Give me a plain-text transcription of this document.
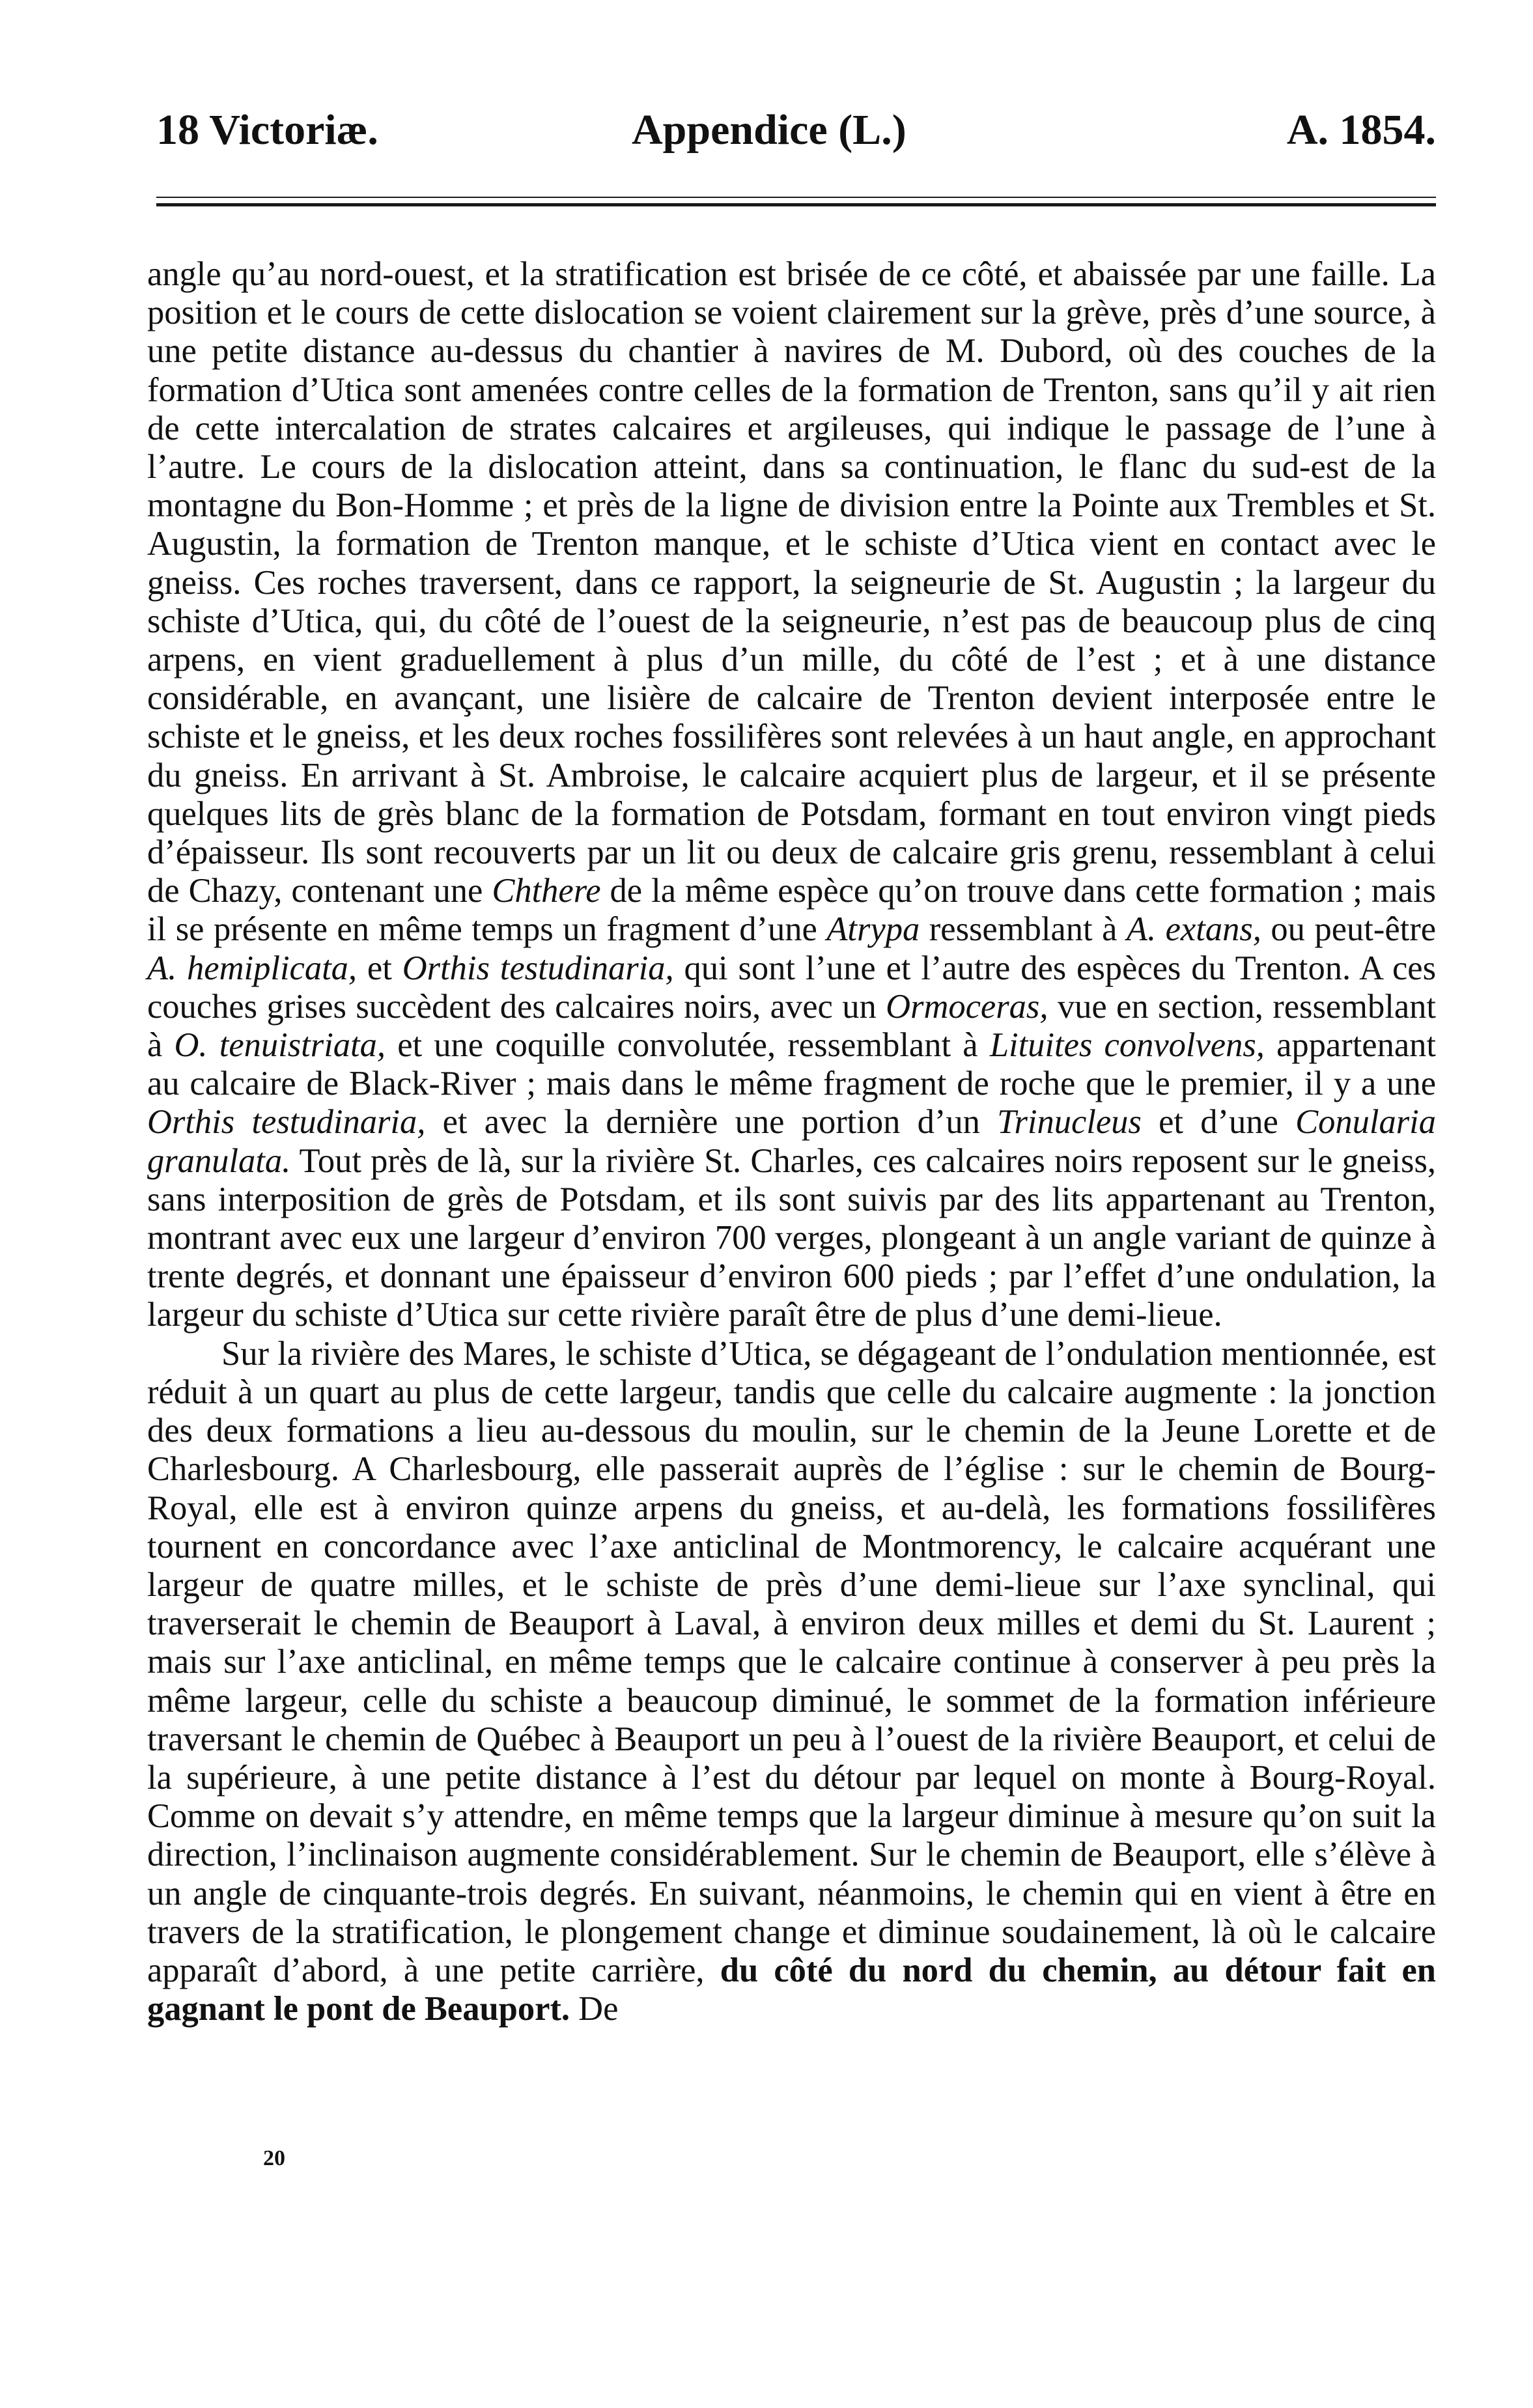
18 Victoriæ.	Appendice (L.)	A. 1854.

angle qu’au nord-ouest, et la stratification est brisée de ce côté, et abaissée par une faille. La position et le cours de cette dislocation se voient clairement sur la grève, près d’une source, à une petite distance au-dessus du chantier à navires de M. Dubord, où des couches de la formation d’Utica sont amenées contre celles de la formation de Trenton, sans qu’il y ait rien de cette intercalation de strates calcaires et argileuses, qui indique le passage de l’une à l’autre. Le cours de la dislocation atteint, dans sa continuation, le flanc du sud-est de la montagne du Bon-Homme ; et près de la ligne de division entre la Pointe aux Trembles et St. Augustin, la formation de Trenton manque, et le schiste d’Utica vient en contact avec le gneiss. Ces roches traversent, dans ce rapport, la seigneurie de St. Augustin ; la largeur du schiste d’Utica, qui, du côté de l’ouest de la seigneurie, n’est pas de beaucoup plus de cinq arpens, en vient graduellement à plus d’un mille, du côté de l’est ; et à une distance considérable, en avançant, une lisière de calcaire de Trenton devient interposée entre le schiste et le gneiss, et les deux roches fossilifères sont relevées à un haut angle, en approchant du gneiss. En arrivant à St. Ambroise, le calcaire acquiert plus de largeur, et il se présente quelques lits de grès blanc de la formation de Potsdam, formant en tout environ vingt pieds d’épaisseur. Ils sont recouverts par un lit ou deux de calcaire gris grenu, ressemblant à celui de Chazy, contenant une Chthere de la même espèce qu’on trouve dans cette formation ; mais il se présente en même temps un fragment d’une Atrypa ressemblant à A. extans, ou peut-être A. hemiplicata, et Orthis testudinaria, qui sont l’une et l’autre des espèces du Trenton. A ces couches grises succèdent des calcaires noirs, avec un Ormoceras, vue en section, ressemblant à O. tenuistriata, et une coquille convolutée, ressemblant à Lituites convolvens, appartenant au calcaire de Black-River ; mais dans le même fragment de roche que le premier, il y a une Orthis testudinaria, et avec la dernière une portion d’un Trinucleus et d’une Conularia granulata. Tout près de là, sur la rivière St. Charles, ces calcaires noirs reposent sur le gneiss, sans interposition de grès de Potsdam, et ils sont suivis par des lits appartenant au Trenton, montrant avec eux une largeur d’environ 700 verges, plongeant à un angle variant de quinze à trente degrés, et donnant une épaisseur d’environ 600 pieds ; par l’effet d’une ondulation, la largeur du schiste d’Utica sur cette rivière paraît être de plus d’une demi-lieue.

Sur la rivière des Mares, le schiste d’Utica, se dégageant de l’ondulation mentionnée, est réduit à un quart au plus de cette largeur, tandis que celle du calcaire augmente : la jonction des deux formations a lieu au-dessous du moulin, sur le chemin de la Jeune Lorette et de Charlesbourg. A Charlesbourg, elle passerait auprès de l’église : sur le chemin de Bourg-Royal, elle est à environ quinze arpens du gneiss, et au-delà, les formations fossilifères tournent en concordance avec l’axe anticlinal de Montmorency, le calcaire acquérant une largeur de quatre milles, et le schiste de près d’une demi-lieue sur l’axe synclinal, qui traverserait le chemin de Beauport à Laval, à environ deux milles et demi du St. Laurent ; mais sur l’axe anticlinal, en même temps que le calcaire continue à conserver à peu près la même largeur, celle du schiste a beaucoup diminué, le sommet de la formation inférieure traversant le chemin de Québec à Beauport un peu à l’ouest de la rivière Beauport, et celui de la supérieure, à une petite distance à l’est du détour par lequel on monte à Bourg-Royal. Comme on devait s’y attendre, en même temps que la largeur diminue à mesure qu’on suit la direction, l’inclinaison augmente considérablement. Sur le chemin de Beauport, elle s’élève à un angle de cinquante-trois degrés. En suivant, néanmoins, le chemin qui en vient à être en travers de la stratification, le plongement change et diminue soudainement, là où le calcaire apparaît d’abord, à une petite carrière, du côté du nord du chemin, au détour fait en gagnant le pont de Beauport. De

20
